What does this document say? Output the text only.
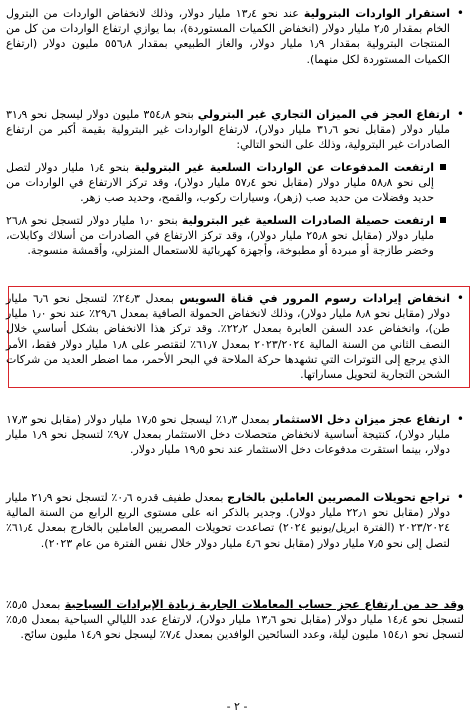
•
استقرار الواردات البترولية عند نحو ١٣٫٤ مليار دولار، وذلك لانخفاض الواردات من البترول الخام بمقدار ٢٫٥ مليار دولار (انخفاض الكميات المستوردة)، بما يوازي ارتفاع الواردات من كل من المنتجات البترولية بمقدار ١٫٩ مليار دولار، والغاز الطبيعي بمقدار ٥٥٦٫٨ مليون دولار (ارتفاع الكميات المستوردة لكل منهما).
•
ارتفاع العجز في الميزان التجاري غير البترولي بنحو ٣٥٤٫٨ مليون دولار ليسجل نحو ٣١٫٩ مليار دولار (مقابل نحو ٣١٫٦ مليار دولار)، لارتفاع الواردات غير البترولية بقيمة أكبر من ارتفاع الصادرات غير البترولية، وذلك على النحو التالي:
ارتفعت المدفوعات عن الواردات السلعية غير البترولية بنحو ١٫٤ مليار دولار لتصل إلى نحو ٥٨٫٨ مليار دولار (مقابل نحو ٥٧٫٤ مليار دولار)، وقد تركز الارتفاع في الواردات من حديد وفضلات من حديد صب (زهر)، وسيارات ركوب، والقمح، وحديد صب زهر.
ارتفعت حصيلة الصادرات السلعية غير البترولية بنحو ١٫٠ مليار دولار لتسجل نحو ٢٦٫٨ مليار دولار (مقابل نحو ٢٥٫٨ مليار دولار)، وقد تركز الارتفاع في الصادرات من أسلاك وكابلات، وخضر طازجة أو مبردة أو مطبوخة، وأجهزة كهربائية للاستعمال المنزلي، وأقمشة منسوجة.
•
انخفاض إيرادات رسوم المرور في قناة السويس بمعدل ٢٤٫٣٪ لتسجل نحو ٦٫٦ مليار دولار (مقابل نحو ٨٫٨ مليار دولار)، وذلك لانخفاض الحمولة الصافية بمعدل ٢٩٫٦٪ عند نحو ١٫٠ مليار طن)، وانخفاض عدد السفن العابرة بمعدل ٢٢٫٢٪. وقد تركز هذا الانخفاض بشكل أساسي خلال النصف الثاني من السنة المالية ٢٠٢٣/٢٠٢٤ بمعدل ٦١٫٧٪ لتقتصر على ١٫٨ مليار دولار فقط، الأمر الذي يرجع إلى التوترات التي تشهدها حركة الملاحة في البحر الأحمر، مما اضطر العديد من شركات الشحن التجارية لتحويل مساراتها.
•
ارتفاع عجز ميزان دخل الاستثمار بمعدل ١٫٣٪ ليسجل نحو ١٧٫٥ مليار دولار (مقابل نحو ١٧٫٣ مليار دولار)، كنتيجة أساسية لانخفاض متحصلات دخل الاستثمار بمعدل ٩٫٧٪ لتسجل نحو ١٫٩ مليار دولار، بينما استقرت مدفوعات دخل الاستثمار عند نحو ١٩٫٥ مليار دولار.
•
تراجع تحويلات المصريين العاملين بالخارج بمعدل طفيف قدره ٠٫٦٪ لتسجل نحو ٢١٫٩ مليار دولار (مقابل نحو ٢٢٫١ مليار دولار). وجدير بالذكر انه على مستوى الربع الرابع من السنة المالية ٢٠٢٣/٢٠٢٤ (الفترة ابريل/يونيو ٢٠٢٤) تصاعدت تحويلات المصريين العاملين بالخارج بمعدل ٦١٫٤٪ لتصل إلى نحو ٧٫٥ مليار دولار (مقابل نحو ٤٫٦ مليار دولار خلال نفس الفترة من عام ٢٠٢٣).
وقد حد من ارتفاع عجز حساب المعاملات الجارية زيادة الإيرادات السياحية بمعدل ٥٫٥٪ لتسجل نحو ١٤٫٤ مليار دولار (مقابل نحو ١٣٫٦ مليار دولار)، لارتفاع عدد الليالي السياحية بمعدل ٥٫٥٪ لتسجل نحو ١٥٤٫١ مليون ليلة، وعدد السائحين الوافدين بمعدل ٧٫٤٪ ليسجل نحو ١٤٫٩ مليون سائح.
- ٢ -
